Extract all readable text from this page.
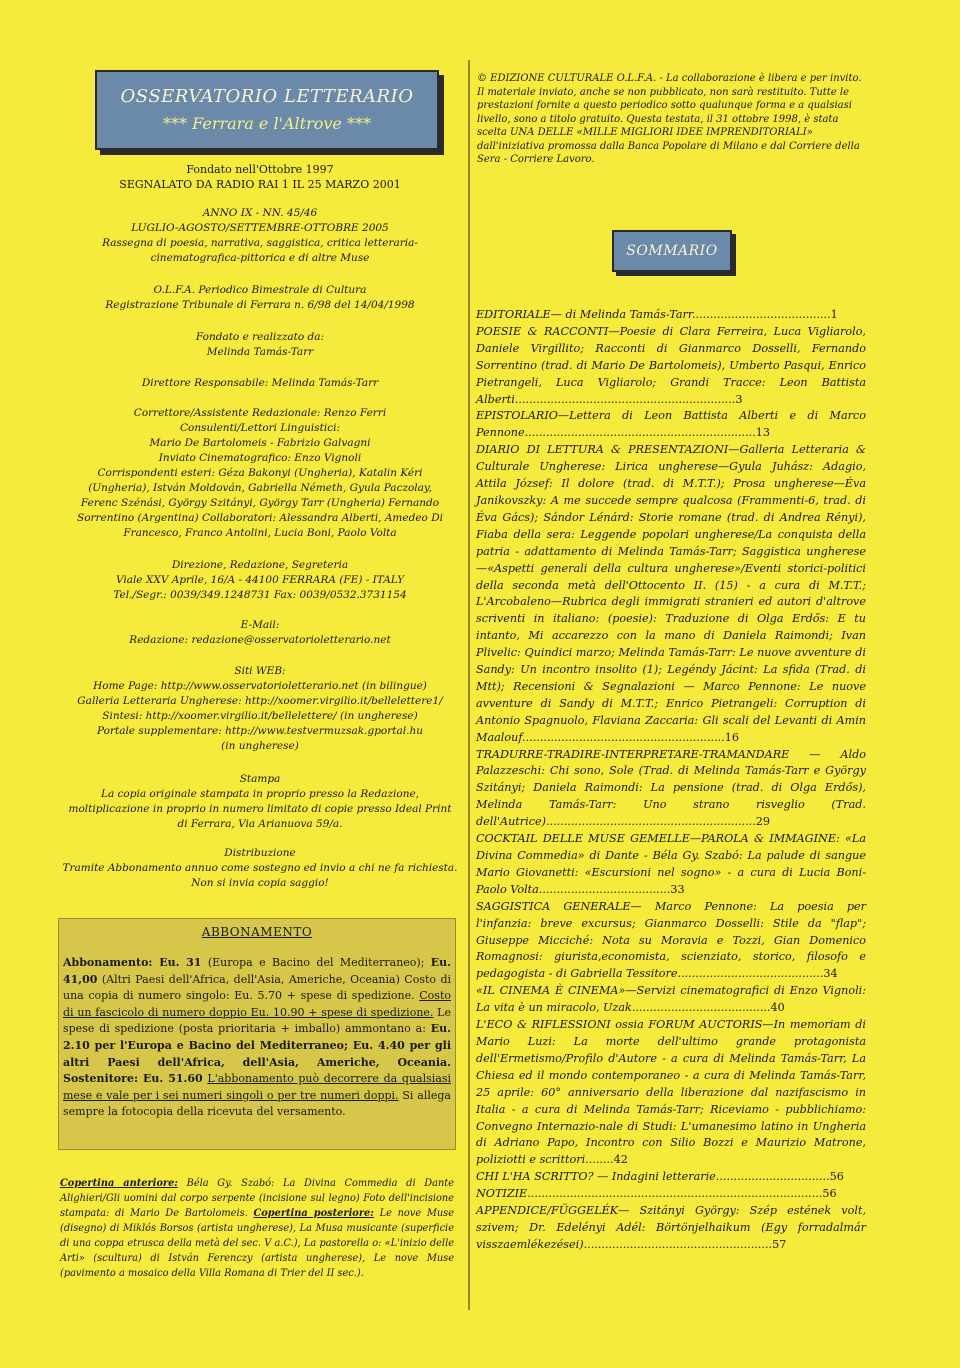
OSSERVATORIO LETTERARIO
*** Ferrara e l'Altrove ***
Fondato nell'Ottobre 1997
SEGNALATO DA RADIO RAI 1 IL 25 MARZO 2001
ANNO IX - NN. 45/46
LUGLIO-AGOSTO/SETTEMBRE-OTTOBRE 2005
Rassegna di poesia, narrativa, saggistica, critica letteraria-
cinematografica-pittorica e di altre Muse
O.L.F.A. Periodico Bimestrale di Cultura
Registrazione Tribunale di Ferrara n. 6/98 del 14/04/1998
Fondato e realizzato da:
Melinda Tamás-Tarr
Direttore Responsabile: Melinda Tamás-Tarr
Correttore/Assistente Redazionale: Renzo Ferri
Consulenti/Lettori Linguistici:
Mario De Bartolomeis - Fabrizio Galvagni
Inviato Cinematografico: Enzo Vignoli
Corrispondenti esteri: Géza Bakonyi (Ungheria), Katalin Kéri
(Ungheria), István Moldován, Gabriella Németh, Gyula Paczolay,
Ferenc Szénási, György Szitányi, György Tarr (Ungheria) Fernando
Sorrentino (Argentina) Collaboratori: Alessandra Alberti, Amedeo Di
Francesco, Franco Antolini, Lucia Boni, Paolo Volta
Direzione, Redazione, Segreteria
Viale XXV Aprile, 16/A - 44100 FERRARA (FE) - ITALY
Tel./Segr.: 0039/349.1248731 Fax: 0039/0532.3731154
E-Mail:
Redazione: redazione@osservatorioletterario.net
Siti WEB:
Home Page: http://www.osservatorioletterario.net (in bilingue)
Galleria Letteraria Ungherese: http://xoomer.virgilio.it/bellelettere1/
Sintesi: http://xoomer.virgilio.it/bellelettere/ (in ungherese)
Portale supplementare: http://www.testvermuzsak.gportal.hu
(in ungherese)
Stampa
La copia originale stampata in proprio presso la Redazione,
moltiplicazione in proprio in numero limitato di copie presso Ideal Print
di Ferrara, Via Arianuova 59/a.
Distribuzione
Tramite Abbonamento annuo come sostegno ed invio a chi ne fa richiesta.
Non si invia copia saggio!
ABBONAMENTO
Abbonamento: Eu. 31 (Europa e Bacino del Mediterraneo); Eu. 41,00 (Altri Paesi dell'Africa, dell'Asia, Americhe, Oceania) Costo di una copia di numero singolo: Eu. 5.70 + spese di spedizione. Costo di un fascicolo di numero doppio Eu. 10.90 + spese di spedizione. Le spese di spedizione (posta prioritaria + imballo) ammontano a: Eu. 2.10 per l'Europa e Bacino del Mediterraneo; Eu. 4.40 per gli altri Paesi dell'Africa, dell'Asia, Americhe, Oceania. Sostenitore: Eu. 51.60 L'abbonamento può decorrere da qualsiasi mese e vale per i sei numeri singoli o per tre numeri doppi. Si allega sempre la fotocopia della ricevuta del versamento.
Copertina anteriore: Béla Gy. Szabó: La Divina Commedia di Dante Alighieri/Gli uomini dal corpo serpente (incisione sul legno) Foto dell'incisione stampata: di Mario De Bartolomeis. Copertina posteriore: Le nove Muse (disegno) di Miklós Borsos (artista ungherese), La Musa musicante (superficie di una coppa etrusca della metà del sec. V a.C.), La pastorella o: «L'inizio delle Arti» (scultura) di István Ferenczy (artista ungherese), Le nove Muse (pavimento a mosaico della Villa Romana di Trier del II sec.).
© EDIZIONE CULTURALE O.L.F.A. - La collaborazione è libera e per invito. Il materiale inviato, anche se non pubblicato, non sarà restituito. Tutte le prestazioni fornite a questo periodico sotto qualunque forma e a qualsiasi livello, sono a titolo gratuito. Questa testata, il 31 ottobre 1998, è stata scelta UNA DELLE «MILLE MIGLIORI IDEE IMPRENDITORIALI» dall'iniziativa promossa dalla Banca Popolare di Milano e dal Corriere della Sera - Corriere Lavoro.
SOMMARIO
EDITORIALE— di Melinda Tamás-Tarr.......................................1
POESIE & RACCONTI—Poesie di Clara Ferreira, Luca Vigliarolo, Daniele Virgillito; Racconti di Gianmarco Dosselli, Fernando Sorrentino (trad. di Mario De Bartolomeis), Umberto Pasqui, Enrico Pietrangeli, Luca Vigliarolo; Grandi Tracce: Leon Battista Alberti..............................................................3
EPISTOLARIO—Lettera di Leon Battista Alberti e di Marco Pennone.................................................................13
DIARIO DI LETTURA & PRESENTAZIONI—Galleria Letteraria & Culturale Ungherese: Lirica ungherese—Gyula Juhász: Adagio, Attila József: Il dolore (trad. di M.T.T.); Prosa ungherese—Éva Janikovszky: A me succede sempre qualcosa (Frammenti-6, trad. di Éva Gács); Sándor Lénárd: Storie romane (trad. di Andrea Rényi), Fiaba della sera: Leggende popolari ungherese/La conquista della patria - adattamento di Melinda Tamás-Tarr; Saggistica ungherese—«Aspetti generali della cultura ungherese»/Eventi storici-politici della seconda metà dell'Ottocento II. (15) - a cura di M.T.T.; L'Arcobaleno—Rubrica degli immigrati stranieri ed autori d'altrove scriventi in italiano: (poesie): Traduzione di Olga Erdős: E tu intanto, Mi accarezzo con la mano di Daniela Raimondi; Ivan Plivelic: Quindici marzo; Melinda Tamás-Tarr: Le nuove avventure di Sandy: Un incontro insolito (1); Legéndy Jácint: La sfida (Trad. di Mtt); Recensioni & Segnalazioni — Marco Pennone: Le nuove avventure di Sandy di M.T.T.; Enrico Pietrangeli: Corruption di Antonio Spagnuolo, Flaviana Zaccaria: Gli scali del Levanti di Amin Maalouf.........................................................16
TRADURRE-TRADIRE-INTERPRETARE-TRAMANDARE — Aldo Palazzeschi: Chi sono, Sole (Trad. di Melinda Tamás-Tarr e György Szitányi; Daniela Raimondi: La pensione (trad. di Olga Erdős), Melinda Tamás-Tarr: Uno strano risveglio (Trad. dell'Autrice)...........................................................29
COCKTAIL DELLE MUSE GEMELLE—PAROLA & IMMAGINE: «La Divina Commedia» di Dante - Béla Gy. Szabó: La palude di sangue Mario Giovanetti: «Escursioni nel sogno» - a cura di Lucia Boni-Paolo Volta.....................................33
SAGGISTICA GENERALE— Marco Pennone: La poesia per l'infanzia: breve excursus; Gianmarco Dosselli: Stile da "flap"; Giuseppe Micciché: Nota su Moravia e Tozzi, Gian Domenico Romagnosi: giurista,economista, scienziato, storico, filosofo e pedagogista - di Gabriella Tessitore.........................................34
«IL CINEMA È CINEMA»—Servizi cinematografici di Enzo Vignoli: La vita è un miracolo, Uzak.......................................40
L'ECO & RIFLESSIONI ossia FORUM AUCTORIS—In memoriam di Mario Luzi: La morte dell'ultimo grande protagonista dell'Ermetismo/Profilo d'Autore - a cura di Melinda Tamás-Tarr, La Chiesa ed il mondo contemporaneo - a cura di Melinda Tamás-Tarr, 25 aprile: 60° anniversario della liberazione dal nazifascismo in Italia - a cura di Melinda Tamás-Tarr; Riceviamo - pubblichiamo: Convegno Internazio-nale di Studi: L'umanesimo latino in Ungheria di Adriano Papo, Incontro con Silio Bozzi e Maurizio Matrone, poliziotti e scrittori........42
CHI L'HA SCRITTO? — Indagini letterarie................................56
NOTIZIE...................................................................................56
APPENDICE/FÜGGELÉK— Szitányi György: Szép estének volt, szivem; Dr. Edelényi Adél: Börtönjelhaikum (Egy forradalmár visszaemlékezései).....................................................57
